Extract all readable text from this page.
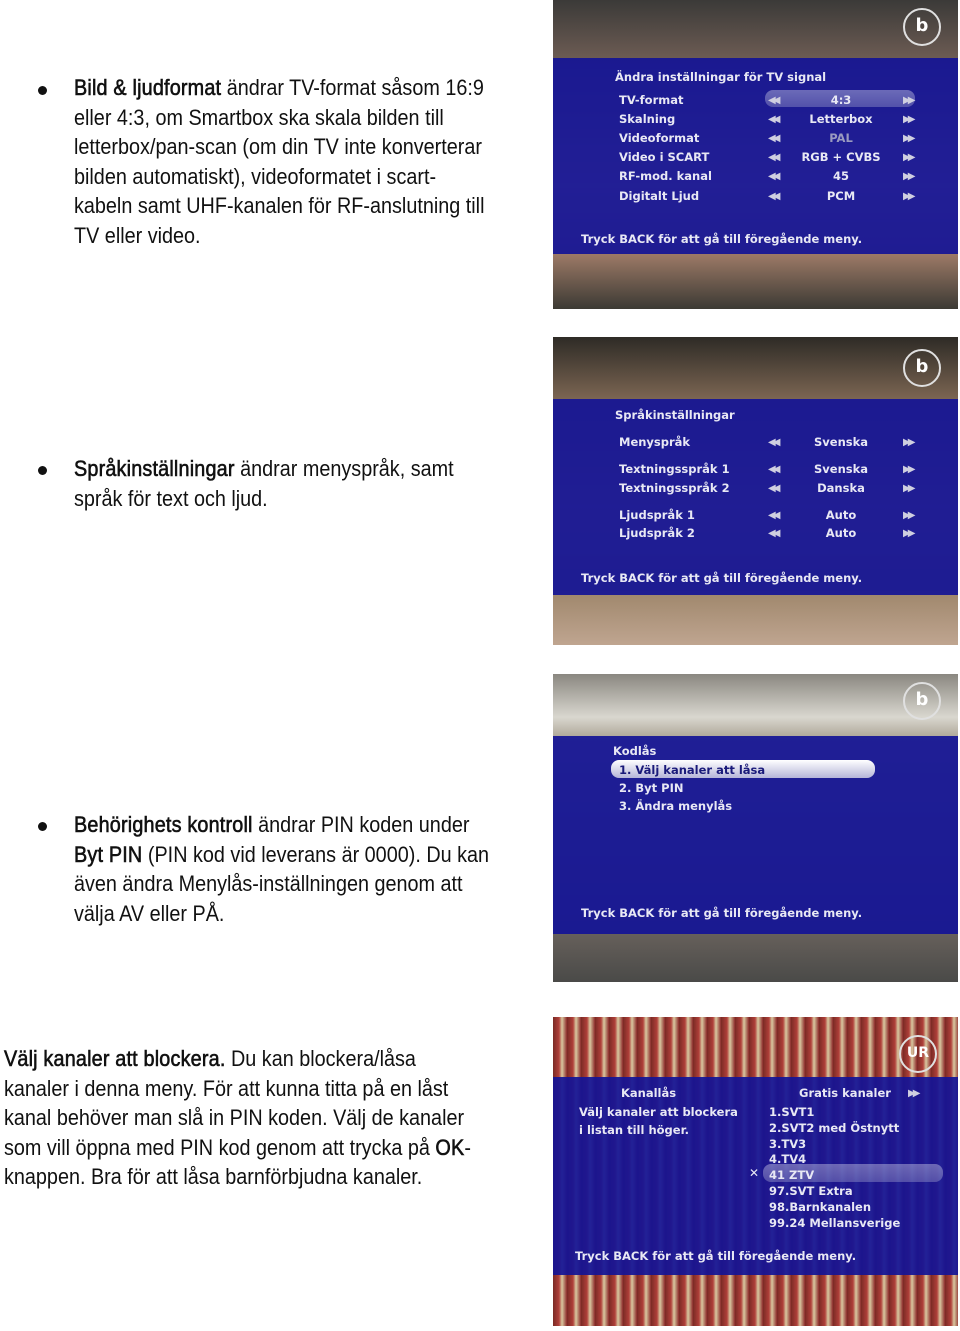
Bild & ljudformat ändrar TV-format såsom 16:9
eller 4:3, om Smartbox ska skala bilden till
letterbox/pan-scan (om din TV inte konverterar
bilden automatiskt), videoformatet i scart-
kabeln samt UHF-kanalen för RF-anslutning till
TV eller video.
b
Ändra inställningar för TV signal
TV-format
Skalning
Videoformat
Video i SCART
RF-mod. kanal
Digitalt Ljud
◀◀
◀◀
◀◀
◀◀
◀◀
◀◀
4:3
Letterbox
PAL
RGB + CVBS
45
PCM
▶▶
▶▶
▶▶
▶▶
▶▶
▶▶
Tryck BACK för att gå till föregående meny.
Språkinställningar ändrar menyspråk, samt
språk för text och ljud.
b
Språkinställningar
Menyspråk
Textningsspråk 1
Textningsspråk 2
Ljudspråk 1
Ljudspråk 2
◀◀
◀◀
◀◀
◀◀
◀◀
Svenska
Svenska
Danska
Auto
Auto
▶▶
▶▶
▶▶
▶▶
▶▶
Tryck BACK för att gå till föregående meny.
Behörighets kontroll ändrar PIN koden under
Byt PIN (PIN kod vid leverans är 0000). Du kan
även ändra Menylås-inställningen genom att
välja AV eller PÅ.
b
Kodlås
1. Välj kanaler att låsa
2. Byt PIN
3. Ändra menylås
Tryck BACK för att gå till föregående meny.
Välj kanaler att blockera. Du kan blockera/låsa
kanaler i denna meny. För att kunna titta på en låst
kanal behöver man slå in PIN koden. Välj de kanaler
som vill öppna med PIN kod genom att trycka på OK-
knappen. Bra för att låsa barnförbjudna kanaler.
UR
Kanallås
Välj kanaler att blockera
i listan till höger.
Gratis kanaler ▶▶
✕
1.SVT1
2.SVT2 med Östnytt
3.TV3
4.TV4
41 ZTV
97.SVT Extra
98.Barnkanalen
99.24 Mellansverige
Tryck BACK för att gå till föregående meny.
